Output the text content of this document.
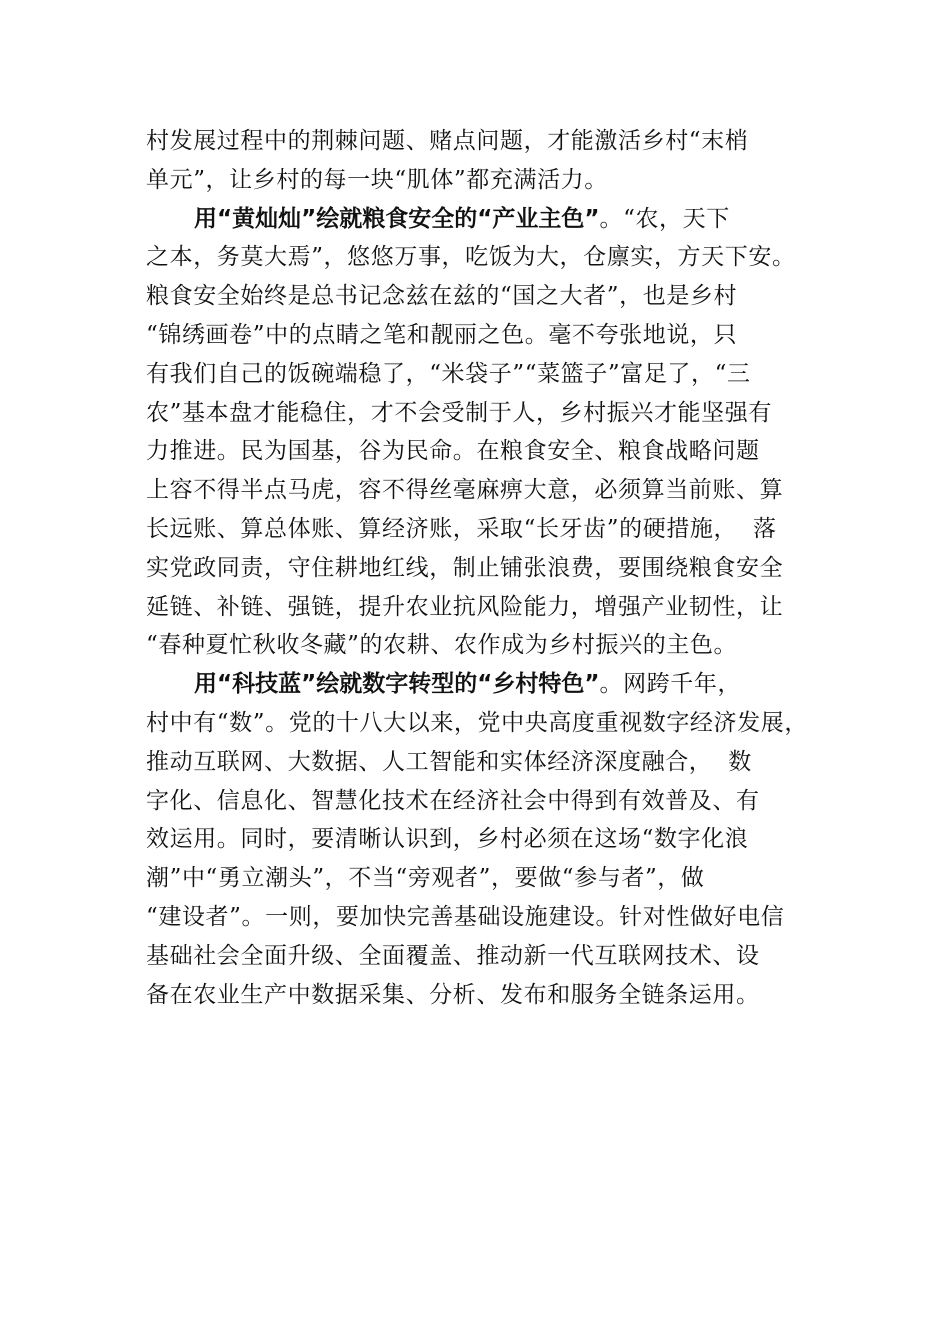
村发展过程中的荆棘问题、赌点问题，才能激活乡村“末梢
单元”，让乡村的每一块“肌体”都充满活力。
用“黄灿灿”绘就粮食安全的“产业主色”。“农，天下
之本，务莫大焉”，悠悠万事，吃饭为大，仓廪实，方天下安。
粮食安全始终是总书记念兹在兹的“国之大者”，也是乡村
“锦绣画卷”中的点睛之笔和靓丽之色。毫不夸张地说，只
有我们自己的饭碗端稳了，“米袋子”“菜篮子”富足了，“三
农”基本盘才能稳住，才不会受制于人，乡村振兴才能坚强有
力推进。民为国基，谷为民命。在粮食安全、粮食战略问题
上容不得半点马虎，容不得丝毫麻痹大意，必须算当前账、算
长远账、算总体账、算经济账，采取“长牙齿”的硬措施，  落
实党政同责，守住耕地红线，制止铺张浪费，要围绕粮食安全
延链、补链、强链，提升农业抗风险能力，增强产业韧性，让
“春种夏忙秋收冬藏”的农耕、农作成为乡村振兴的主色。
用“科技蓝”绘就数字转型的“乡村特色”。网跨千年，
村中有“数”。党的十八大以来，党中央高度重视数字经济发展，
推动互联网、大数据、人工智能和实体经济深度融合，  数
字化、信息化、智慧化技术在经济社会中得到有效普及、有
效运用。同时，要清晰认识到，乡村必须在这场“数字化浪
潮”中“勇立潮头”，不当“旁观者”，要做“参与者”，做
“建设者”。一则，要加快完善基础设施建设。针对性做好电信
基础社会全面升级、全面覆盖、推动新一代互联网技术、设
备在农业生产中数据采集、分析、发布和服务全链条运用。
